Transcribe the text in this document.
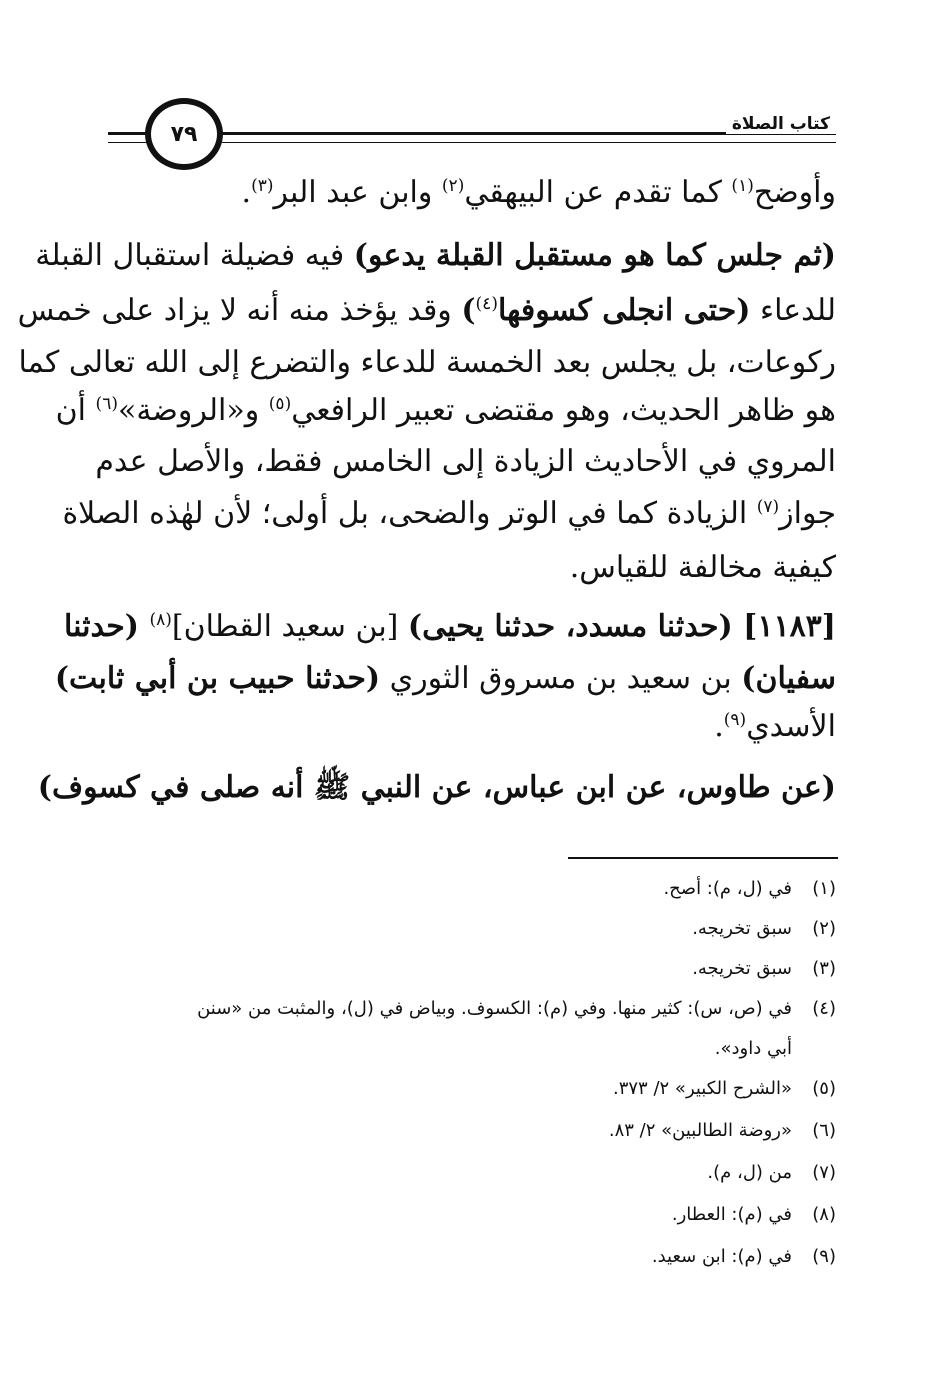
كتاب الصلاة
٧٩
وأوضح$^{(١)}$ كما تقدم عن البيهقي$^{(٢)}$ وابن عبد البر$^{(٣)}$.
(ثم جلس كما هو مستقبل القبلة يدعو) فيه فضيلة استقبال القبلة
للدعاء (حتى انجلى كسوفها$^{(٤)}$) وقد يؤخذ منه أنه لا يزاد على خمس
ركوعات، بل يجلس بعد الخمسة للدعاء والتضرع إلى الله تعالى كما
هو ظاهر الحديث، وهو مقتضى تعبير الرافعي$^{(٥)}$ و«الروضة»$^{(٦)}$ أن
المروي في الأحاديث الزيادة إلى الخامس فقط، والأصل عدم
جواز$^{(٧)}$ الزيادة كما في الوتر والضحى، بل أولى؛ لأن لهٰذه الصلاة
كيفية مخالفة للقياس.
[١١٨٣] (حدثنا مسدد، حدثنا يحيى) [بن سعيد القطان]$^{(٨)}$ (حدثنا
سفيان) بن سعيد بن مسروق الثوري (حدثنا حبيب بن أبي ثابت)
الأسدي$^{(٩)}$.
(عن طاوس، عن ابن عباس، عن النبي ﷺ أنه صلى في كسوف)
(١)في (ل، م): أصح.
(٢)سبق تخريجه.
(٣)سبق تخريجه.
(٤)في (ص، س): كثير منها. وفي (م): الكسوف. وبياض في (ل)، والمثبت من «سنن
أبي داود».
(٥)«الشرح الكبير» ٢/ ٣٧٣.
(٦)«روضة الطالبين» ٢/ ٨٣.
(٧)من (ل، م).
(٨)في (م): العطار.
(٩)في (م): ابن سعيد.
